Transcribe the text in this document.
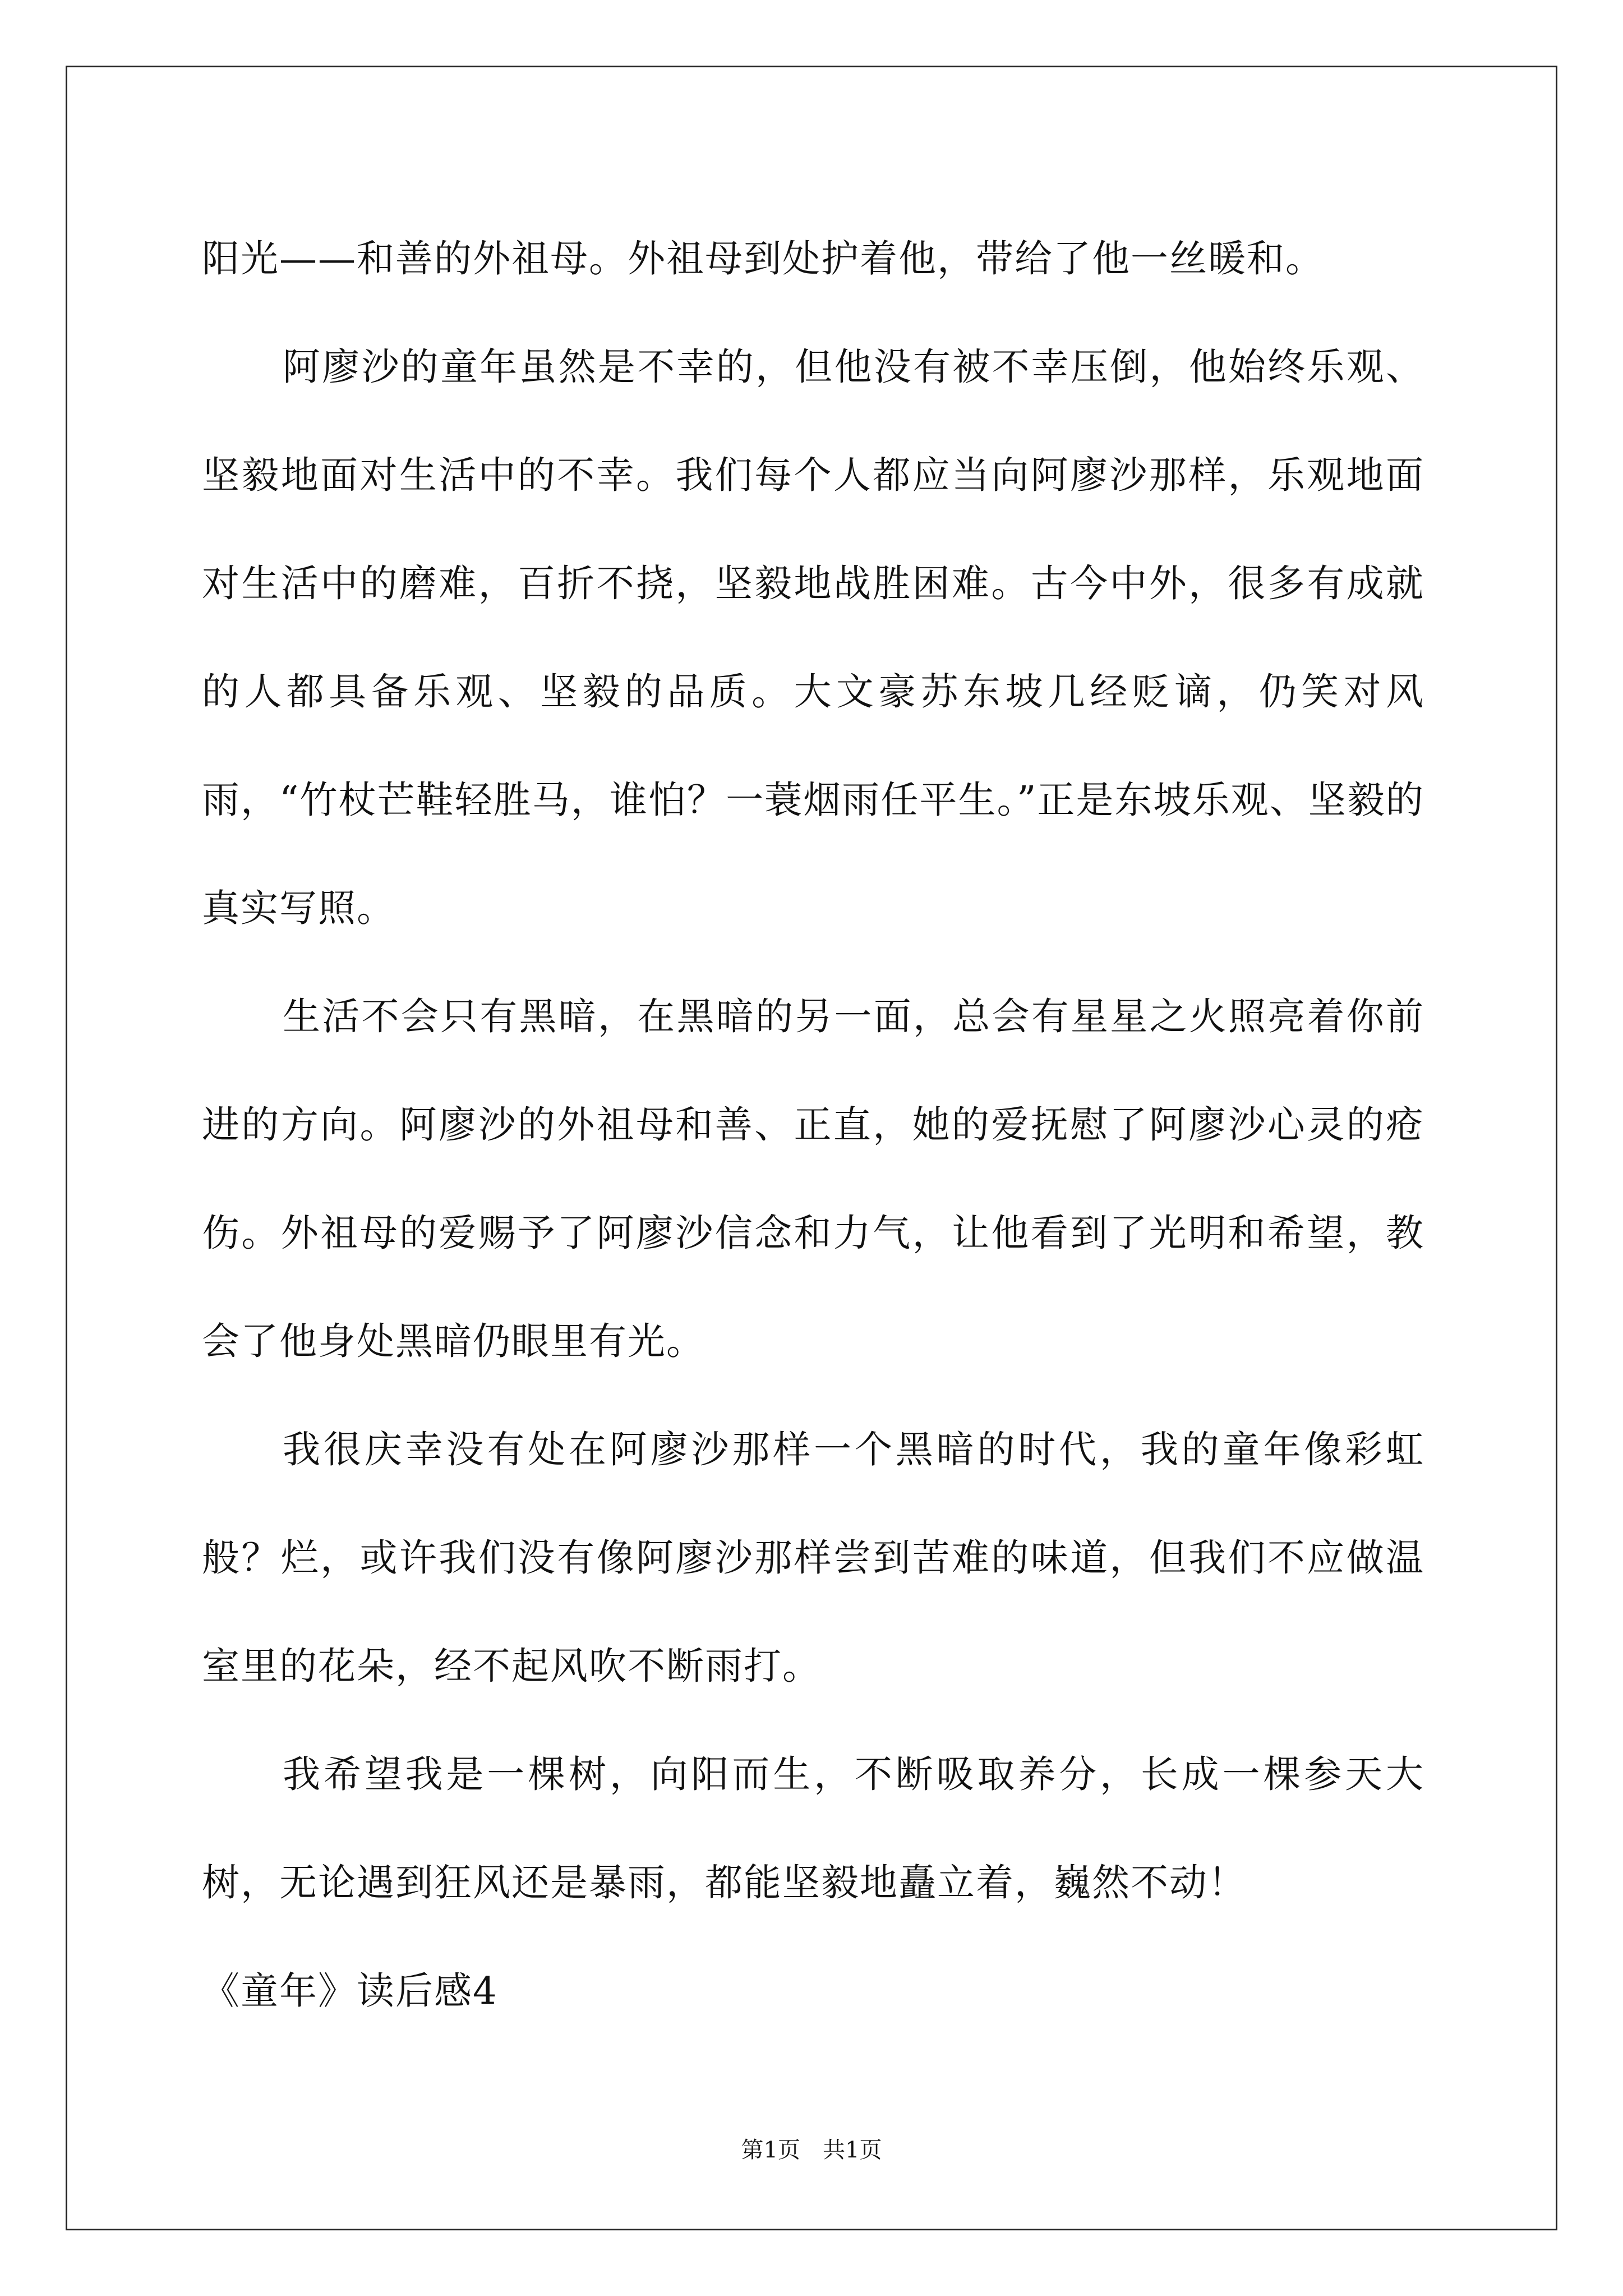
阳光——和善的外祖母。外祖母到处护着他，带给了他一丝暖和。

阿廖沙的童年虽然是不幸的，但他没有被不幸压倒，他始终乐观、坚毅地面对生活中的不幸。我们每个人都应当向阿廖沙那样，乐观地面对生活中的磨难，百折不挠，坚毅地战胜困难。古今中外，很多有成就的人都具备乐观、坚毅的品质。大文豪苏东坡几经贬谪，仍笑对风雨，“竹杖芒鞋轻胜马，谁怕？一蓑烟雨任平生。”正是东坡乐观、坚毅的真实写照。

生活不会只有黑暗，在黑暗的另一面，总会有星星之火照亮着你前进的方向。阿廖沙的外祖母和善、正直，她的爱抚慰了阿廖沙心灵的疮伤。外祖母的爱赐予了阿廖沙信念和力气，让他看到了光明和希望，教会了他身处黑暗仍眼里有光。

我很庆幸没有处在阿廖沙那样一个黑暗的时代，我的童年像彩虹般？烂，或许我们没有像阿廖沙那样尝到苦难的味道，但我们不应做温室里的花朵，经不起风吹不断雨打。

我希望我是一棵树，向阳而生，不断吸取养分，长成一棵参天大树，无论遇到狂风还是暴雨，都能坚毅地矗立着，巍然不动！

《童年》读后感4

第1页　共1页
